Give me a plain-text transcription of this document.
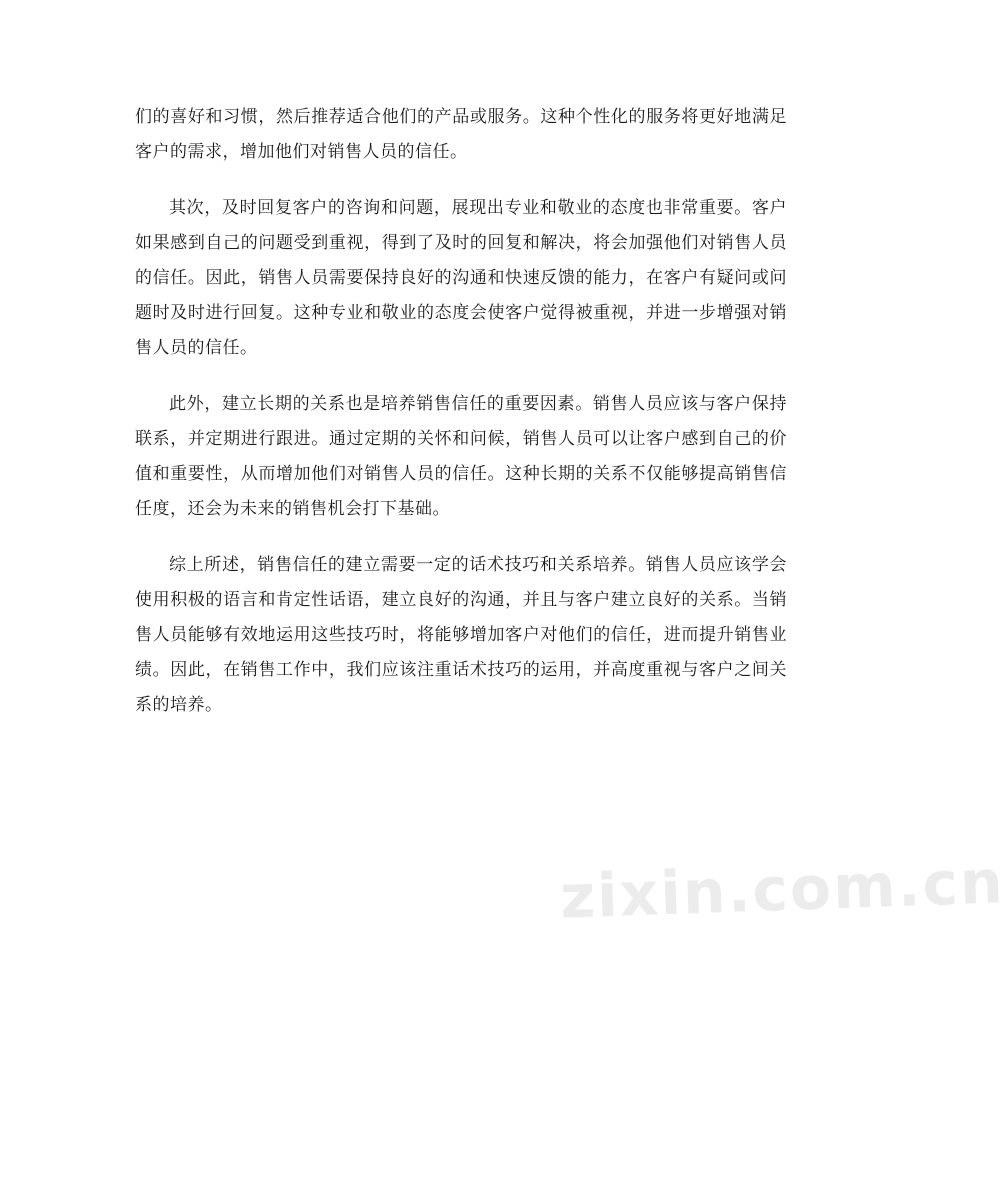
zixin.com.cn

们的喜好和习惯，然后推荐适合他们的产品或服务。这种个性化的服务将更好地满足客户的需求，增加他们对销售人员的信任。

其次，及时回复客户的咨询和问题，展现出专业和敬业的态度也非常重要。客户如果感到自己的问题受到重视，得到了及时的回复和解决，将会加强他们对销售人员的信任。因此，销售人员需要保持良好的沟通和快速反馈的能力，在客户有疑问或问题时及时进行回复。这种专业和敬业的态度会使客户觉得被重视，并进一步增强对销售人员的信任。

此外，建立长期的关系也是培养销售信任的重要因素。销售人员应该与客户保持联系，并定期进行跟进。通过定期的关怀和问候，销售人员可以让客户感到自己的价值和重要性，从而增加他们对销售人员的信任。这种长期的关系不仅能够提高销售信任度，还会为未来的销售机会打下基础。

综上所述，销售信任的建立需要一定的话术技巧和关系培养。销售人员应该学会使用积极的语言和肯定性话语，建立良好的沟通，并且与客户建立良好的关系。当销售人员能够有效地运用这些技巧时，将能够增加客户对他们的信任，进而提升销售业绩。因此，在销售工作中，我们应该注重话术技巧的运用，并高度重视与客户之间关系的培养。
